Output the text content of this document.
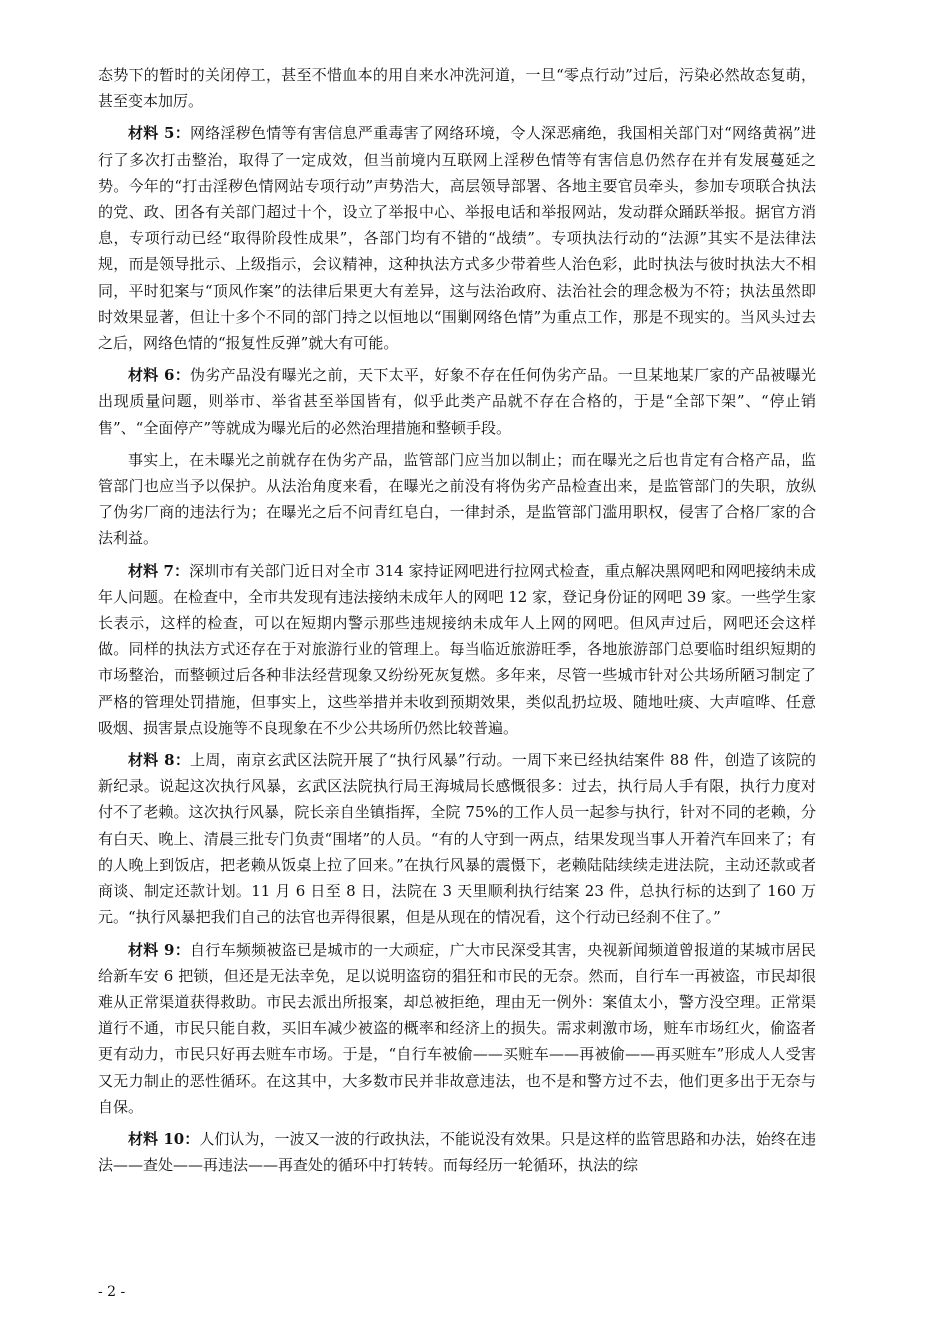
态势下的暂时的关闭停工，甚至不惜血本的用自来水冲洗河道，一旦“零点行动”过后，污染必然故态复萌，甚至变本加厉。

材料 5：网络淫秽色情等有害信息严重毒害了网络环境，令人深恶痛绝，我国相关部门对“网络黄祸”进行了多次打击整治，取得了一定成效，但当前境内互联网上淫秽色情等有害信息仍然存在并有发展蔓延之势。今年的“打击淫秽色情网站专项行动”声势浩大，高层领导部署、各地主要官员牵头，参加专项联合执法的党、政、团各有关部门超过十个，设立了举报中心、举报电话和举报网站，发动群众踊跃举报。据官方消息，专项行动已经“取得阶段性成果”，各部门均有不错的“战绩”。专项执法行动的“法源”其实不是法律法规，而是领导批示、上级指示，会议精神，这种执法方式多少带着些人治色彩，此时执法与彼时执法大不相同，平时犯案与“顶风作案”的法律后果更大有差异，这与法治政府、法治社会的理念极为不符；执法虽然即时效果显著，但让十多个不同的部门持之以恒地以“围剿网络色情”为重点工作，那是不现实的。当风头过去之后，网络色情的“报复性反弹”就大有可能。

材料 6：伪劣产品没有曝光之前，天下太平，好象不存在任何伪劣产品。一旦某地某厂家的产品被曝光出现质量问题，则举市、举省甚至举国皆有，似乎此类产品就不存在合格的，于是“全部下架”、“停止销售”、“全面停产”等就成为曝光后的必然治理措施和整顿手段。

事实上，在未曝光之前就存在伪劣产品，监管部门应当加以制止；而在曝光之后也肯定有合格产品，监管部门也应当予以保护。从法治角度来看，在曝光之前没有将伪劣产品检查出来，是监管部门的失职，放纵了伪劣厂商的违法行为；在曝光之后不问青红皂白，一律封杀，是监管部门滥用职权，侵害了合格厂家的合法利益。

材料 7：深圳市有关部门近日对全市 314 家持证网吧进行拉网式检查，重点解决黑网吧和网吧接纳未成年人问题。在检查中，全市共发现有违法接纳未成年人的网吧 12 家，登记身份证的网吧 39 家。一些学生家长表示，这样的检查，可以在短期内警示那些违规接纳未成年人上网的网吧。但风声过后，网吧还会这样做。同样的执法方式还存在于对旅游行业的管理上。每当临近旅游旺季，各地旅游部门总要临时组织短期的市场整治，而整顿过后各种非法经营现象又纷纷死灰复燃。多年来，尽管一些城市针对公共场所陋习制定了严格的管理处罚措施，但事实上，这些举措并未收到预期效果，类似乱扔垃圾、随地吐痰、大声喧哗、任意吸烟、损害景点设施等不良现象在不少公共场所仍然比较普遍。

材料 8：上周，南京玄武区法院开展了“执行风暴”行动。一周下来已经执结案件 88 件，创造了该院的新纪录。说起这次执行风暴，玄武区法院执行局王海城局长感慨很多：过去，执行局人手有限，执行力度对付不了老赖。这次执行风暴，院长亲自坐镇指挥，全院 75%的工作人员一起参与执行，针对不同的老赖，分有白天、晚上、清晨三批专门负责“围堵”的人员。“有的人守到一两点，结果发现当事人开着汽车回来了；有的人晚上到饭店，把老赖从饭桌上拉了回来。”在执行风暴的震慑下，老赖陆陆续续走进法院，主动还款或者商谈、制定还款计划。11 月 6 日至 8 日，法院在 3 天里顺利执行结案 23 件，总执行标的达到了 160 万元。“执行风暴把我们自己的法官也弄得很累，但是从现在的情况看，这个行动已经刹不住了。”

材料 9：自行车频频被盗已是城市的一大顽症，广大市民深受其害，央视新闻频道曾报道的某城市居民给新车安 6 把锁，但还是无法幸免，足以说明盗窃的猖狂和市民的无奈。然而，自行车一再被盗，市民却很难从正常渠道获得救助。市民去派出所报案，却总被拒绝，理由无一例外：案值太小，警方没空理。正常渠道行不通，市民只能自救，买旧车减少被盗的概率和经济上的损失。需求刺激市场，赃车市场红火，偷盗者更有动力，市民只好再去赃车市场。于是，“自行车被偷——买赃车——再被偷——再买赃车”形成人人受害又无力制止的恶性循环。在这其中，大多数市民并非故意违法，也不是和警方过不去，他们更多出于无奈与自保。

材料 10：人们认为，一波又一波的行政执法，不能说没有效果。只是这样的监管思路和办法，始终在违法——查处——再违法——再查处的循环中打转转。而每经历一轮循环，执法的综

- 2 -
